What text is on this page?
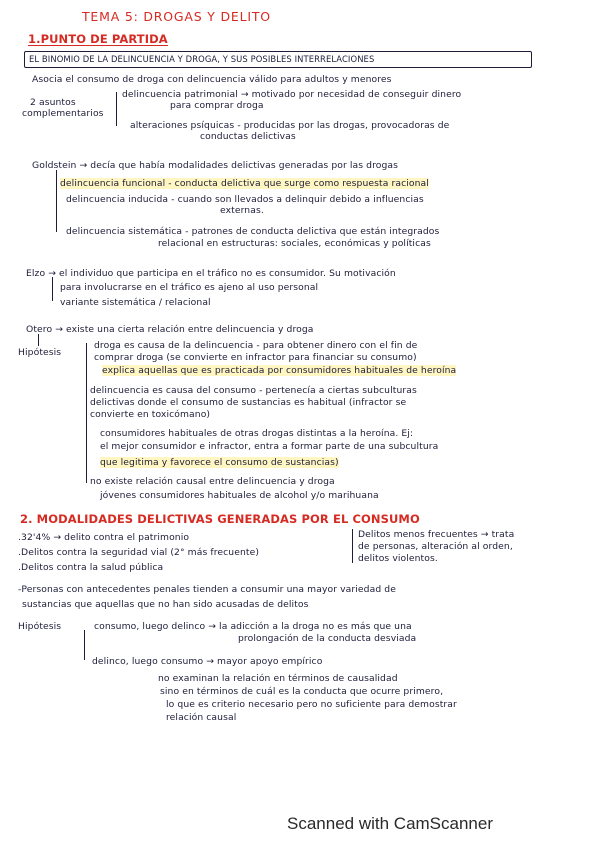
TEMA 5: DROGAS Y DELITO
1.PUNTO DE PARTIDA
EL BINOMIO DE LA DELINCUENCIA Y DROGA, Y SUS POSIBLES INTERRELACIONES
Asocia el consumo de droga con delincuencia válido para adultos y menores
2 asuntos
complementarios
delincuencia patrimonial → motivado por necesidad de conseguir dinero
para comprar droga
alteraciones psíquicas - producidas por las drogas, provocadoras de
conductas delictivas
Goldstein → decía que había modalidades delictivas generadas por las drogas
delincuencia funcional - conducta delictiva que surge como respuesta racional
delincuencia inducida - cuando son llevados a delinquir debido a influencias
externas.
delincuencia sistemática - patrones de conducta delictiva que están integrados
relacional en estructuras: sociales, económicas y políticas
Elzo → el individuo que participa en el tráfico no es consumidor. Su motivación
para involucrarse en el tráfico es ajeno al uso personal
variante sistemática / relacional
Otero → existe una cierta relación entre delincuencia y droga
Hipótesis
droga es causa de la delincuencia - para obtener dinero con el fin de
comprar droga (se convierte en infractor para financiar su consumo)
explica aquellas que es practicada por consumidores habituales de heroína
delincuencia es causa del consumo - pertenecía a ciertas subculturas
delictivas donde el consumo de sustancias es habitual (infractor se
convierte en toxicómano)
consumidores habituales de otras drogas distintas a la heroína. Ej:
el mejor consumidor e infractor, entra a formar parte de una subcultura
que legitima y favorece el consumo de sustancias)
no existe relación causal entre delincuencia y droga
jóvenes consumidores habituales de alcohol y/o marihuana
2. MODALIDADES DELICTIVAS GENERADAS POR EL CONSUMO
.32'4% → delito contra el patrimonio
.Delitos contra la seguridad vial (2° más frecuente)
.Delitos contra la salud pública
Delitos menos frecuentes → trata
de personas, alteración al orden,
delitos violentos.
-Personas con antecedentes penales tienden a consumir una mayor variedad de
sustancias que aquellas que no han sido acusadas de delitos
Hipótesis	consumo, luego delinco → la adicción a la droga no es más que una
prolongación de la conducta desviada
delinco, luego consumo → mayor apoyo empírico
no examinan la relación en términos de causalidad
sino en términos de cuál es la conducta que ocurre primero,
lo que es criterio necesario pero no suficiente para demostrar
relación causal
Scanned with CamScanner
